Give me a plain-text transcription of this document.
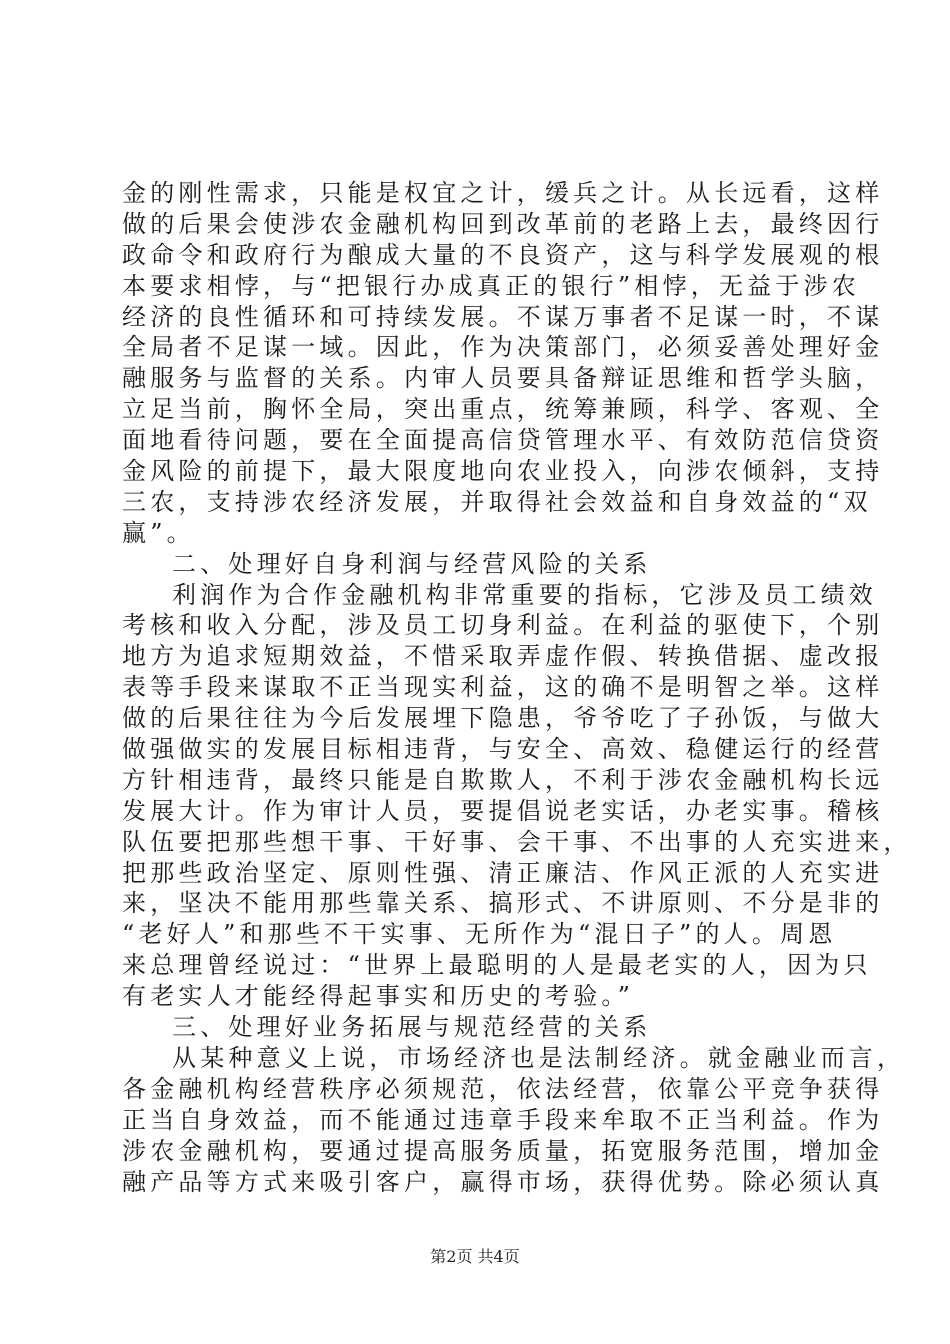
金的刚性需求，只能是权宜之计，缓兵之计。从长远看，这样
做的后果会使涉农金融机构回到改革前的老路上去，最终因行
政命令和政府行为酿成大量的不良资产，这与科学发展观的根
本要求相悖，与“把银行办成真正的银行”相悖，无益于涉农
经济的良性循环和可持续发展。不谋万事者不足谋一时，不谋
全局者不足谋一域。因此，作为决策部门，必须妥善处理好金
融服务与监督的关系。内审人员要具备辩证思维和哲学头脑，
立足当前，胸怀全局，突出重点，统筹兼顾，科学、客观、全
面地看待问题，要在全面提高信贷管理水平、有效防范信贷资
金风险的前提下，最大限度地向农业投入，向涉农倾斜，支持
三农，支持涉农经济发展，并取得社会效益和自身效益的“双
赢”。
二、处理好自身利润与经营风险的关系
利润作为合作金融机构非常重要的指标，它涉及员工绩效
考核和收入分配，涉及员工切身利益。在利益的驱使下，个别
地方为追求短期效益，不惜采取弄虚作假、转换借据、虚改报
表等手段来谋取不正当现实利益，这的确不是明智之举。这样
做的后果往往为今后发展埋下隐患，爷爷吃了子孙饭，与做大
做强做实的发展目标相违背，与安全、高效、稳健运行的经营
方针相违背，最终只能是自欺欺人，不利于涉农金融机构长远
发展大计。作为审计人员，要提倡说老实话，办老实事。稽核
队伍要把那些想干事、干好事、会干事、不出事的人充实进来，
把那些政治坚定、原则性强、清正廉洁、作风正派的人充实进
来，坚决不能用那些靠关系、搞形式、不讲原则、不分是非的
“老好人”和那些不干实事、无所作为“混日子”的人。周恩
来总理曾经说过：“世界上最聪明的人是最老实的人，因为只
有老实人才能经得起事实和历史的考验。”
三、处理好业务拓展与规范经营的关系
从某种意义上说，市场经济也是法制经济。就金融业而言，
各金融机构经营秩序必须规范，依法经营，依靠公平竞争获得
正当自身效益，而不能通过违章手段来牟取不正当利益。作为
涉农金融机构，要通过提高服务质量，拓宽服务范围，增加金
融产品等方式来吸引客户，赢得市场，获得优势。除必须认真
第2页 共4页
